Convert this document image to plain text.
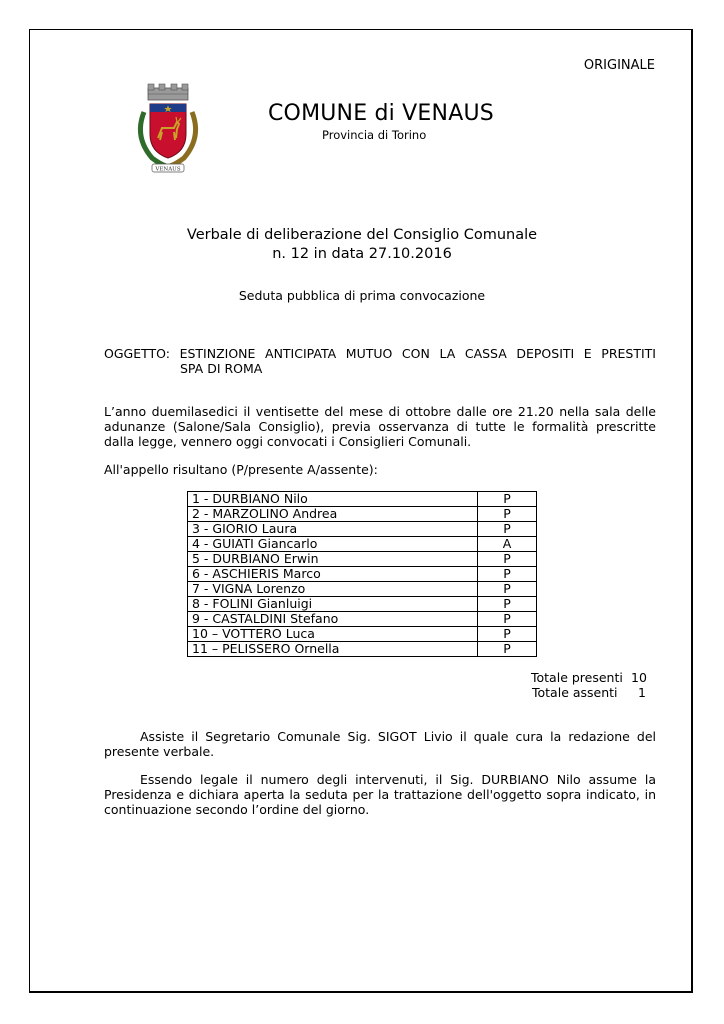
ORIGINALE
VENAUS
COMUNE di VENAUS
Provincia di Torino
Verbale di deliberazione del Consiglio Comunale
n. 12 in data 27.10.2016
Seduta pubblica di prima convocazione
OGGETTO: ESTINZIONE ANTICIPATA MUTUO CON LA CASSA DEPOSITI E PRESTITI
SPA DI ROMA
L’anno duemilasedici il ventisette del mese di ottobre dalle ore 21.20 nella sala delle adunanze (Salone/Sala Consiglio), previa osservanza di tutte le formalità prescritte dalla legge, vennero oggi convocati i Consiglieri Comunali.
All'appello risultano (P/presente A/assente):
1 - DURBIANO Nilo	P
2 - MARZOLINO Andrea	P
3 - GIORIO Laura	P
4 - GUIATI Giancarlo	A
5 - DURBIANO Erwin	P
6 - ASCHIERIS Marco	P
7 - VIGNA Lorenzo	P
8 - FOLINI Gianluigi	P
9 - CASTALDINI Stefano	P
10 – VOTTERO Luca	P
11 – PELISSERO Ornella	P
Totale presenti 10
Totale assenti 1
Assiste il Segretario Comunale Sig. SIGOT Livio il quale cura la redazione del presente verbale.
Essendo legale il numero degli intervenuti, il Sig. DURBIANO Nilo assume la Presidenza e dichiara aperta la seduta per la trattazione dell'oggetto sopra indicato, in continuazione secondo l’ordine del giorno.
